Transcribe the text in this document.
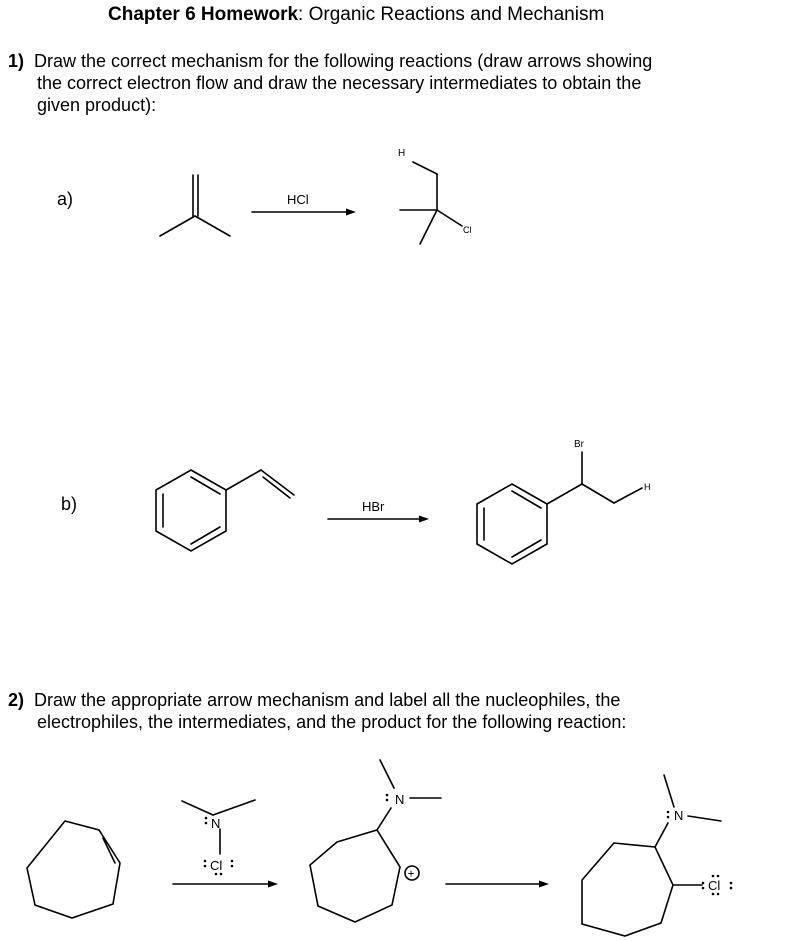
Chapter 6 Homework: Organic Reactions and Mechanism
1) Draw the correct mechanism for the following reactions (draw arrows showing
the correct electron flow and draw the necessary intermediates to obtain the
given product):
a)
b)
2) Draw the appropriate arrow mechanism and label all the nucleophiles, the
electrophiles, the intermediates, and the product for the following reaction:
HCl
H
Cl
HBr
Br
H
N
Cl
N
+
N
Cl
